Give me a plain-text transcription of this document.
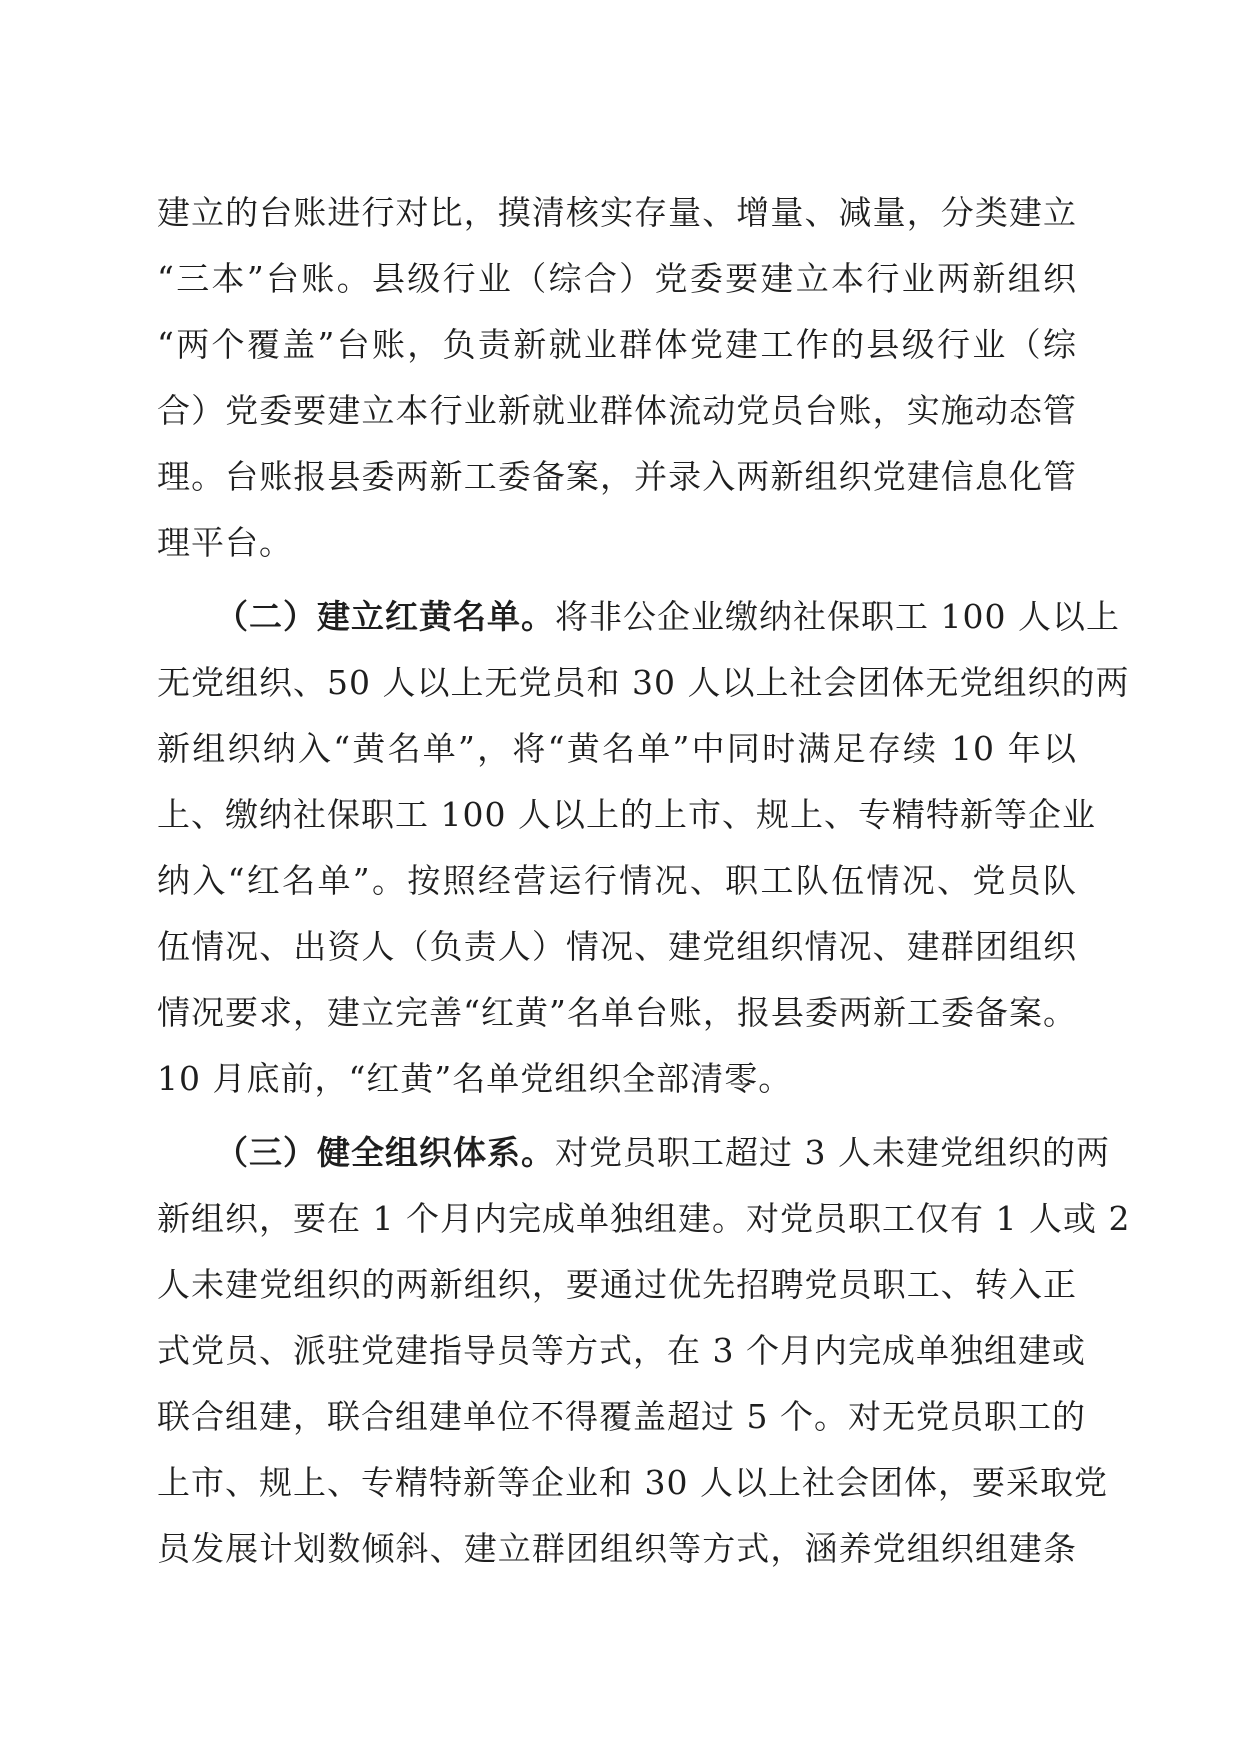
建立的台账进行对比，摸清核实存量、增量、减量，分类建立
“三本”台账。县级行业（综合）党委要建立本行业两新组织
“两个覆盖”台账，负责新就业群体党建工作的县级行业（综
合）党委要建立本行业新就业群体流动党员台账，实施动态管
理。台账报县委两新工委备案，并录入两新组织党建信息化管
理平台。
（二）建立红黄名单。将非公企业缴纳社保职工 100 人以上
无党组织、50 人以上无党员和 30 人以上社会团体无党组织的两
新组织纳入“黄名单”，将“黄名单”中同时满足存续 10 年以
上、缴纳社保职工 100 人以上的上市、规上、专精特新等企业
纳入“红名单”。按照经营运行情况、职工队伍情况、党员队
伍情况、出资人（负责人）情况、建党组织情况、建群团组织
情况要求，建立完善“红黄”名单台账，报县委两新工委备案。
10 月底前，“红黄”名单党组织全部清零。
（三）健全组织体系。对党员职工超过 3 人未建党组织的两
新组织，要在 1 个月内完成单独组建。对党员职工仅有 1 人或 2
人未建党组织的两新组织，要通过优先招聘党员职工、转入正
式党员、派驻党建指导员等方式，在 3 个月内完成单独组建或
联合组建，联合组建单位不得覆盖超过 5 个。对无党员职工的
上市、规上、专精特新等企业和 30 人以上社会团体，要采取党
员发展计划数倾斜、建立群团组织等方式，涵养党组织组建条
